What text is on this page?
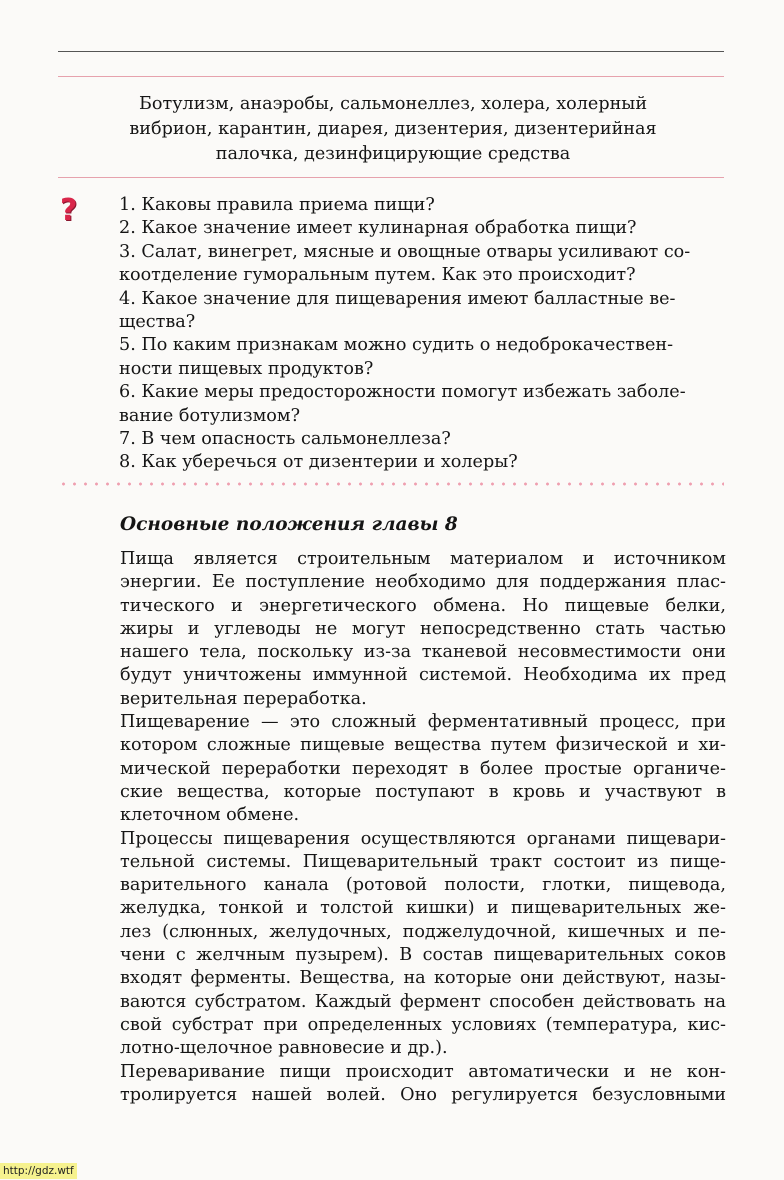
Ботулизм, анаэробы, сальмонеллез, холера, холерный
вибрион, карантин, диарея, дизентерия, дизентерийная
палочка, дезинфицирующие средства
? 1. Каковы правила приема пищи?
2. Какое значение имеет кулинарная обработка пищи?
3. Салат, винегрет, мясные и овощные отвары усиливают со-
коотделение гуморальным путем. Как это происходит?
4. Какое значение для пищеварения имеют балластные ве-
щества?
5. По каким признакам можно судить о недоброкачествен-
ности пищевых продуктов?
6. Какие меры предосторожности помогут избежать заболе-
вание ботулизмом?
7. В чем опасность сальмонеллеза?
8. Как уберечься от дизентерии и холеры?
Основные положения главы 8
Пища является строительным материалом и источником
энергии. Ее поступление необходимо для поддержания плас-
тического и энергетического обмена. Но пищевые белки,
жиры и углеводы не могут непосредственно стать частью
нашего тела, поскольку из-за тканевой несовместимости они
будут уничтожены иммунной системой. Необходима их пред
верительная переработка.
Пищеварение — это сложный ферментативный процесс, при
котором сложные пищевые вещества путем физической и хи-
мической переработки переходят в более простые органиче-
ские вещества, которые поступают в кровь и участвуют в
клеточном обмене.
Процессы пищеварения осуществляются органами пищевари-
тельной системы. Пищеварительный тракт состоит из пище-
варительного канала (ротовой полости, глотки, пищевода,
желудка, тонкой и толстой кишки) и пищеварительных же-
лез (слюнных, желудочных, поджелудочной, кишечных и пе-
чени с желчным пузырем). В состав пищеварительных соков
входят ферменты. Вещества, на которые они действуют, назы-
ваются субстратом. Каждый фермент способен действовать на
свой субстрат при определенных условиях (температура, кис-
лотно-щелочное равновесие и др.).
Переваривание пищи происходит автоматически и не кон-
тролируется нашей волей. Оно регулируется безусловными
http://gdz.wtf
